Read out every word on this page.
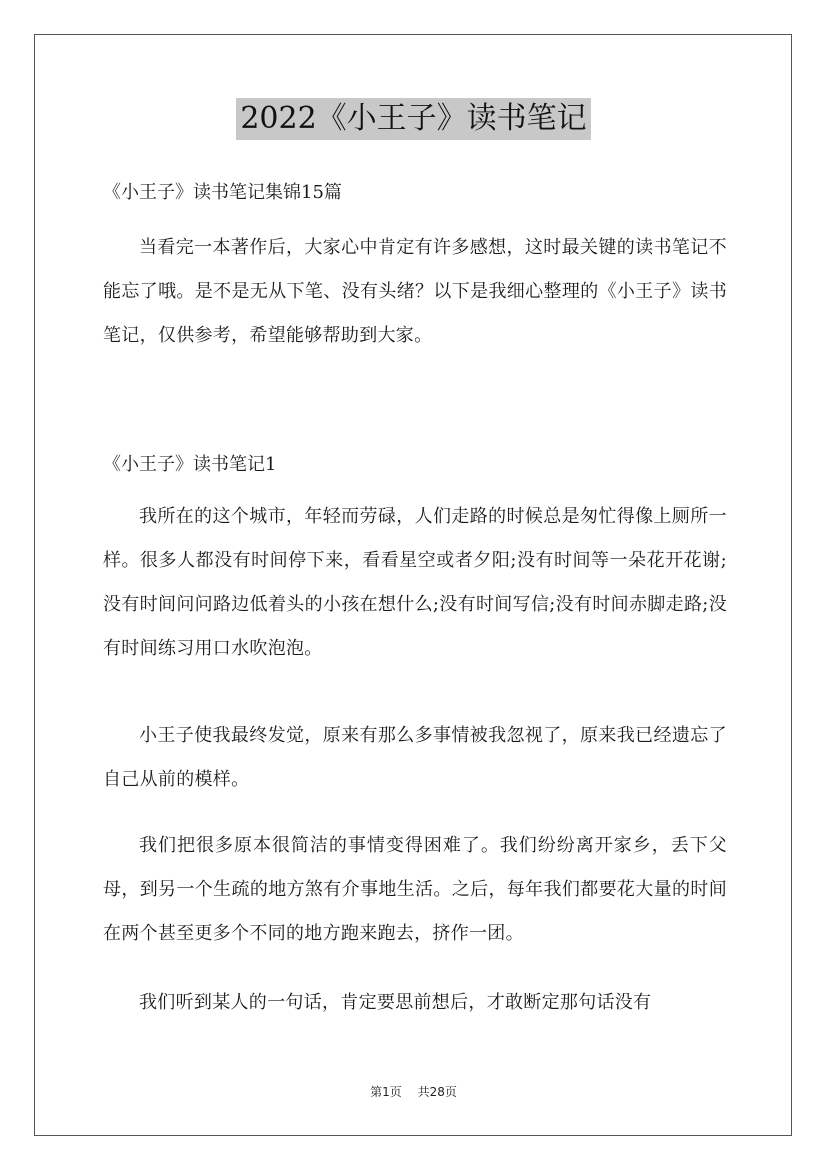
2022《小王子》读书笔记
《小王子》读书笔记集锦15篇

当看完一本著作后，大家心中肯定有许多感想，这时最关键的读书笔记不能忘了哦。是不是无从下笔、没有头绪？以下是我细心整理的《小王子》读书笔记，仅供参考，希望能够帮助到大家。

《小王子》读书笔记1

我所在的这个城市，年轻而劳碌，人们走路的时候总是匆忙得像上厕所一样。很多人都没有时间停下来，看看星空或者夕阳;没有时间等一朵花开花谢;没有时间问问路边低着头的小孩在想什么;没有时间写信;没有时间赤脚走路;没有时间练习用口水吹泡泡。

小王子使我最终发觉，原来有那么多事情被我忽视了，原来我已经遗忘了自己从前的模样。

我们把很多原本很简洁的事情变得困难了。我们纷纷离开家乡，丢下父母，到另一个生疏的地方煞有介事地生活。之后，每年我们都要花大量的时间在两个甚至更多个不同的地方跑来跑去，挤作一团。

我们听到某人的一句话，肯定要思前想后，才敢断定那句话没有

第1页 共28页
